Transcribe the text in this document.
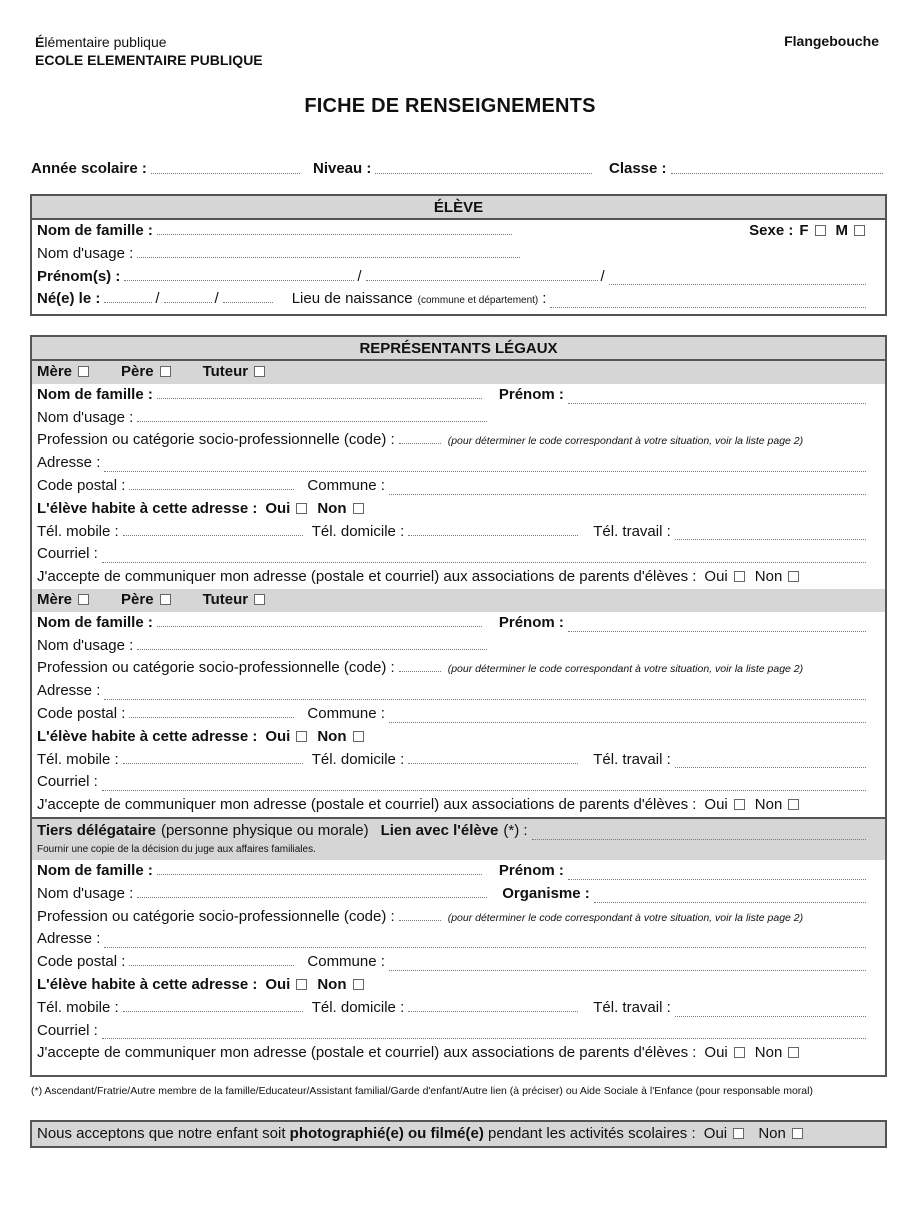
Élémentaire publique
ECOLE ELEMENTAIRE PUBLIQUE
Flangebouche
FICHE DE RENSEIGNEMENTS
Année scolaire :	Niveau :	Classe :
ÉLÈVE
Nom de famille :	Sexe : F M
Nom d'usage :
Prénom(s) :	/	/
Né(e) le :	/	/	Lieu de naissance (commune et département) :
REPRÉSENTANTS LÉGAUX
Mère	Père	Tuteur
Nom de famille :	Prénom :
Nom d'usage :
Profession ou catégorie socio-professionnelle (code) :	(pour déterminer le code correspondant à votre situation, voir la liste page 2)
Adresse :
Code postal :	Commune :
L'élève habite à cette adresse : Oui Non
Tél. mobile :	Tél. domicile :	Tél. travail :
Courriel :
J'accepte de communiquer mon adresse (postale et courriel) aux associations de parents d'élèves : Oui Non
Mère	Père	Tuteur
Nom de famille :	Prénom :
Nom d'usage :
Profession ou catégorie socio-professionnelle (code) :	(pour déterminer le code correspondant à votre situation, voir la liste page 2)
Adresse :
Code postal :	Commune :
L'élève habite à cette adresse : Oui Non
Tél. mobile :	Tél. domicile :	Tél. travail :
Courriel :
J'accepte de communiquer mon adresse (postale et courriel) aux associations de parents d'élèves : Oui Non
Tiers délégataire (personne physique ou morale) Lien avec l'élève (*) :
Fournir une copie de la décision du juge aux affaires familiales.
Nom de famille :	Prénom :
Nom d'usage :	Organisme :
Profession ou catégorie socio-professionnelle (code) :	(pour déterminer le code correspondant à votre situation, voir la liste page 2)
Adresse :
Code postal :	Commune :
L'élève habite à cette adresse : Oui Non
Tél. mobile :	Tél. domicile :	Tél. travail :
Courriel :
J'accepte de communiquer mon adresse (postale et courriel) aux associations de parents d'élèves : Oui Non
(*) Ascendant/Fratrie/Autre membre de la famille/Educateur/Assistant familial/Garde d'enfant/Autre lien (à préciser) ou Aide Sociale à l'Enfance (pour responsable moral)
Nous acceptons que notre enfant soit photographié(e) ou filmé(e) pendant les activités scolaires : Oui Non
